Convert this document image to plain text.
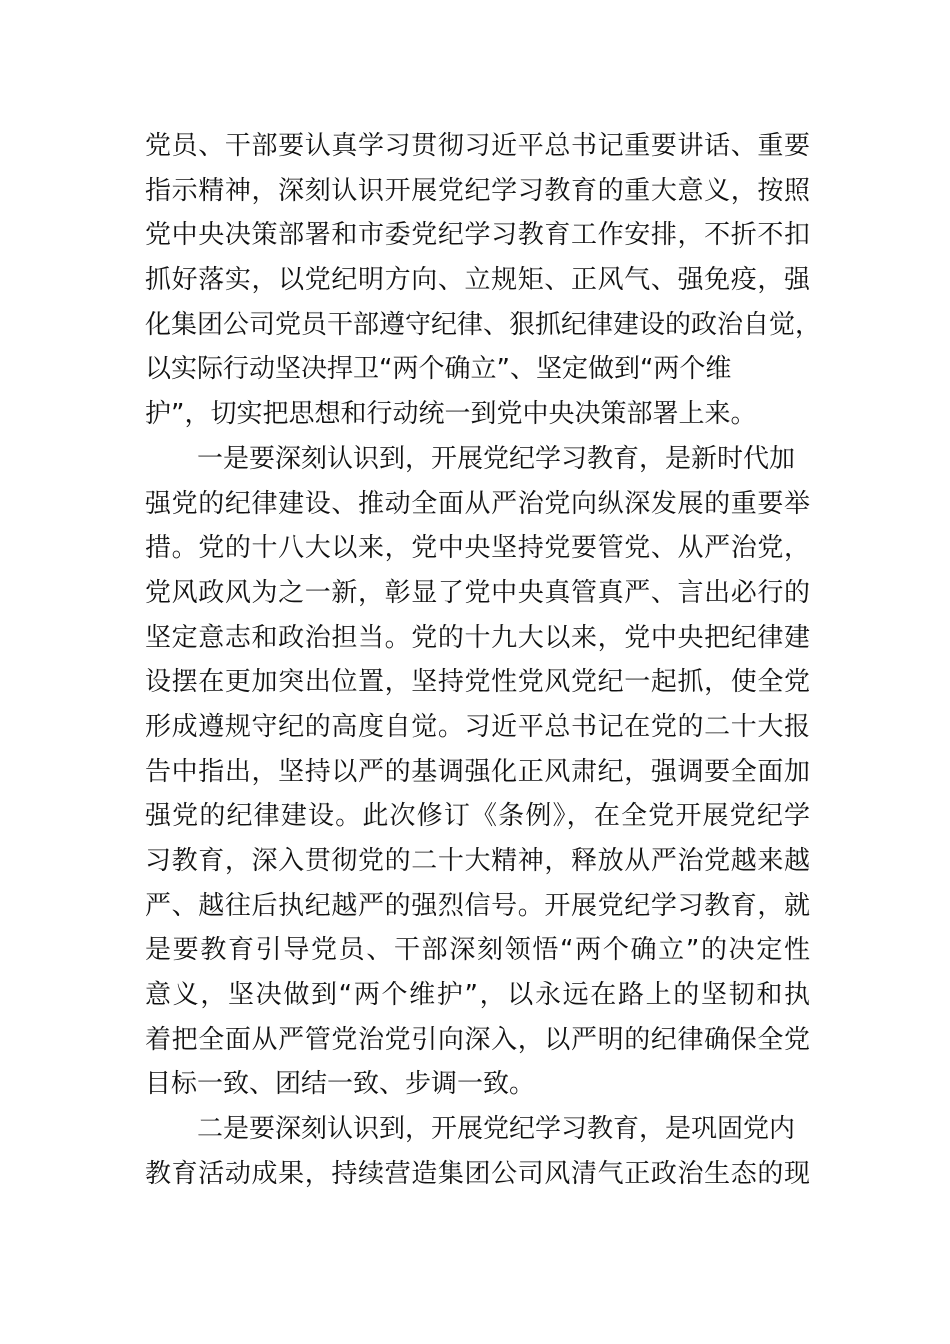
党员、干部要认真学习贯彻习近平总书记重要讲话、重要
指示精神，深刻认识开展党纪学习教育的重大意义，按照
党中央决策部署和市委党纪学习教育工作安排，不折不扣
抓好落实，以党纪明方向、立规矩、正风气、强免疫，强
化集团公司党员干部遵守纪律、狠抓纪律建设的政治自觉，
以实际行动坚决捍卫“两个确立”、坚定做到“两个维
护”，切实把思想和行动统一到党中央决策部署上来。
一是要深刻认识到，开展党纪学习教育，是新时代加
强党的纪律建设、推动全面从严治党向纵深发展的重要举
措。党的十八大以来，党中央坚持党要管党、从严治党，
党风政风为之一新，彰显了党中央真管真严、言出必行的
坚定意志和政治担当。党的十九大以来，党中央把纪律建
设摆在更加突出位置，坚持党性党风党纪一起抓，使全党
形成遵规守纪的高度自觉。习近平总书记在党的二十大报
告中指出，坚持以严的基调强化正风肃纪，强调要全面加
强党的纪律建设。此次修订《条例》，在全党开展党纪学
习教育，深入贯彻党的二十大精神，释放从严治党越来越
严、越往后执纪越严的强烈信号。开展党纪学习教育，就
是要教育引导党员、干部深刻领悟“两个确立”的决定性
意义，坚决做到“两个维护”，以永远在路上的坚韧和执
着把全面从严管党治党引向深入，以严明的纪律确保全党
目标一致、团结一致、步调一致。
二是要深刻认识到，开展党纪学习教育，是巩固党内
教育活动成果，持续营造集团公司风清气正政治生态的现
